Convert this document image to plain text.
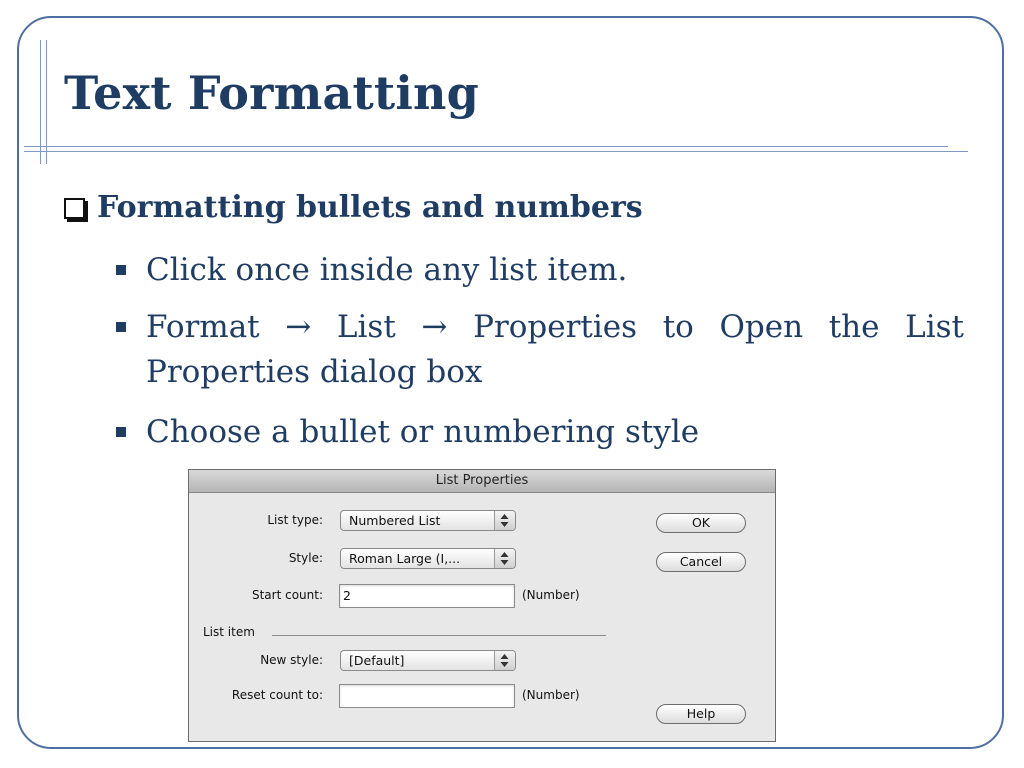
Text Formatting
Formatting bullets and numbers
Click once inside any list item.
Format → List → Properties to Open the List Properties dialog box
Choose a bullet or numbering style
List Properties
List type:	Numbered List
Style:	Roman Large (I,...
Start count:	2	(Number)
List item
New style:	[Default]
Reset count to:	(Number)
OK
Cancel
Help
